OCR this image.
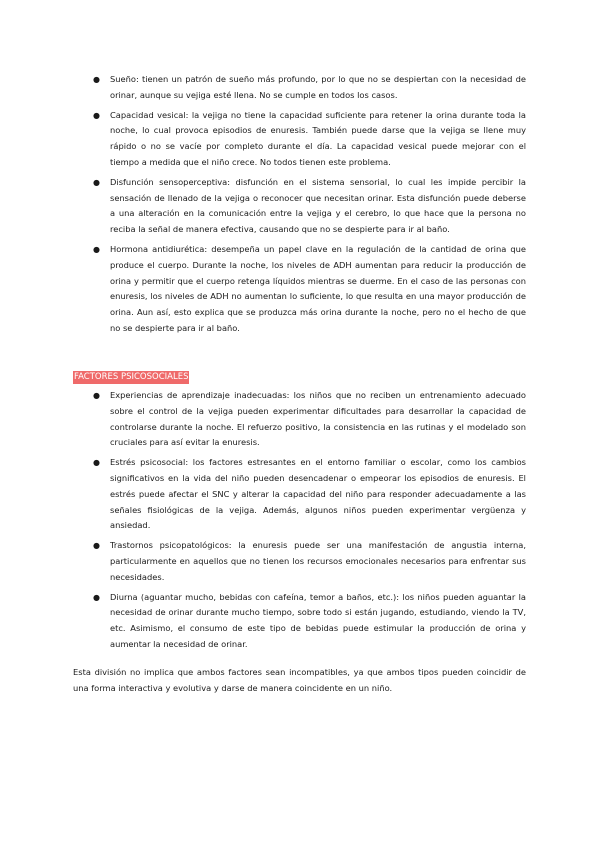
● Sueño: tienen un patrón de sueño más profundo, por lo que no se despiertan con la necesidad de orinar, aunque su vejiga esté llena. No se cumple en todos los casos.
● Capacidad vesical: la vejiga no tiene la capacidad suficiente para retener la orina durante toda la noche, lo cual provoca episodios de enuresis. También puede darse que la vejiga se llene muy rápido o no se vacíe por completo durante el día. La capacidad vesical puede mejorar con el tiempo a medida que el niño crece. No todos tienen este problema.
● Disfunción sensoperceptiva: disfunción en el sistema sensorial, lo cual les impide percibir la sensación de llenado de la vejiga o reconocer que necesitan orinar. Esta disfunción puede deberse a una alteración en la comunicación entre la vejiga y el cerebro, lo que hace que la persona no reciba la señal de manera efectiva, causando que no se despierte para ir al baño.
● Hormona antidiurética: desempeña un papel clave en la regulación de la cantidad de orina que produce el cuerpo. Durante la noche, los niveles de ADH aumentan para reducir la producción de orina y permitir que el cuerpo retenga líquidos mientras se duerme. En el caso de las personas con enuresis, los niveles de ADH no aumentan lo suficiente, lo que resulta en una mayor producción de orina. Aun así, esto explica que se produzca más orina durante la noche, pero no el hecho de que no se despierte para ir al baño.
FACTORES PSICOSOCIALES
● Experiencias de aprendizaje inadecuadas: los niños que no reciben un entrenamiento adecuado sobre el control de la vejiga pueden experimentar dificultades para desarrollar la capacidad de controlarse durante la noche. El refuerzo positivo, la consistencia en las rutinas y el modelado son cruciales para así evitar la enuresis.
● Estrés psicosocial: los factores estresantes en el entorno familiar o escolar, como los cambios significativos en la vida del niño pueden desencadenar o empeorar los episodios de enuresis. El estrés puede afectar el SNC y alterar la capacidad del niño para responder adecuadamente a las señales fisiológicas de la vejiga. Además, algunos niños pueden experimentar vergüenza y ansiedad.
● Trastornos psicopatológicos: la enuresis puede ser una manifestación de angustia interna, particularmente en aquellos que no tienen los recursos emocionales necesarios para enfrentar sus necesidades.
● Diurna (aguantar mucho, bebidas con cafeína, temor a baños, etc.): los niños pueden aguantar la necesidad de orinar durante mucho tiempo, sobre todo si están jugando, estudiando, viendo la TV, etc. Asimismo, el consumo de este tipo de bebidas puede estimular la producción de orina y aumentar la necesidad de orinar.

Esta división no implica que ambos factores sean incompatibles, ya que ambos tipos pueden coincidir de una forma interactiva y evolutiva y darse de manera coincidente en un niño.
